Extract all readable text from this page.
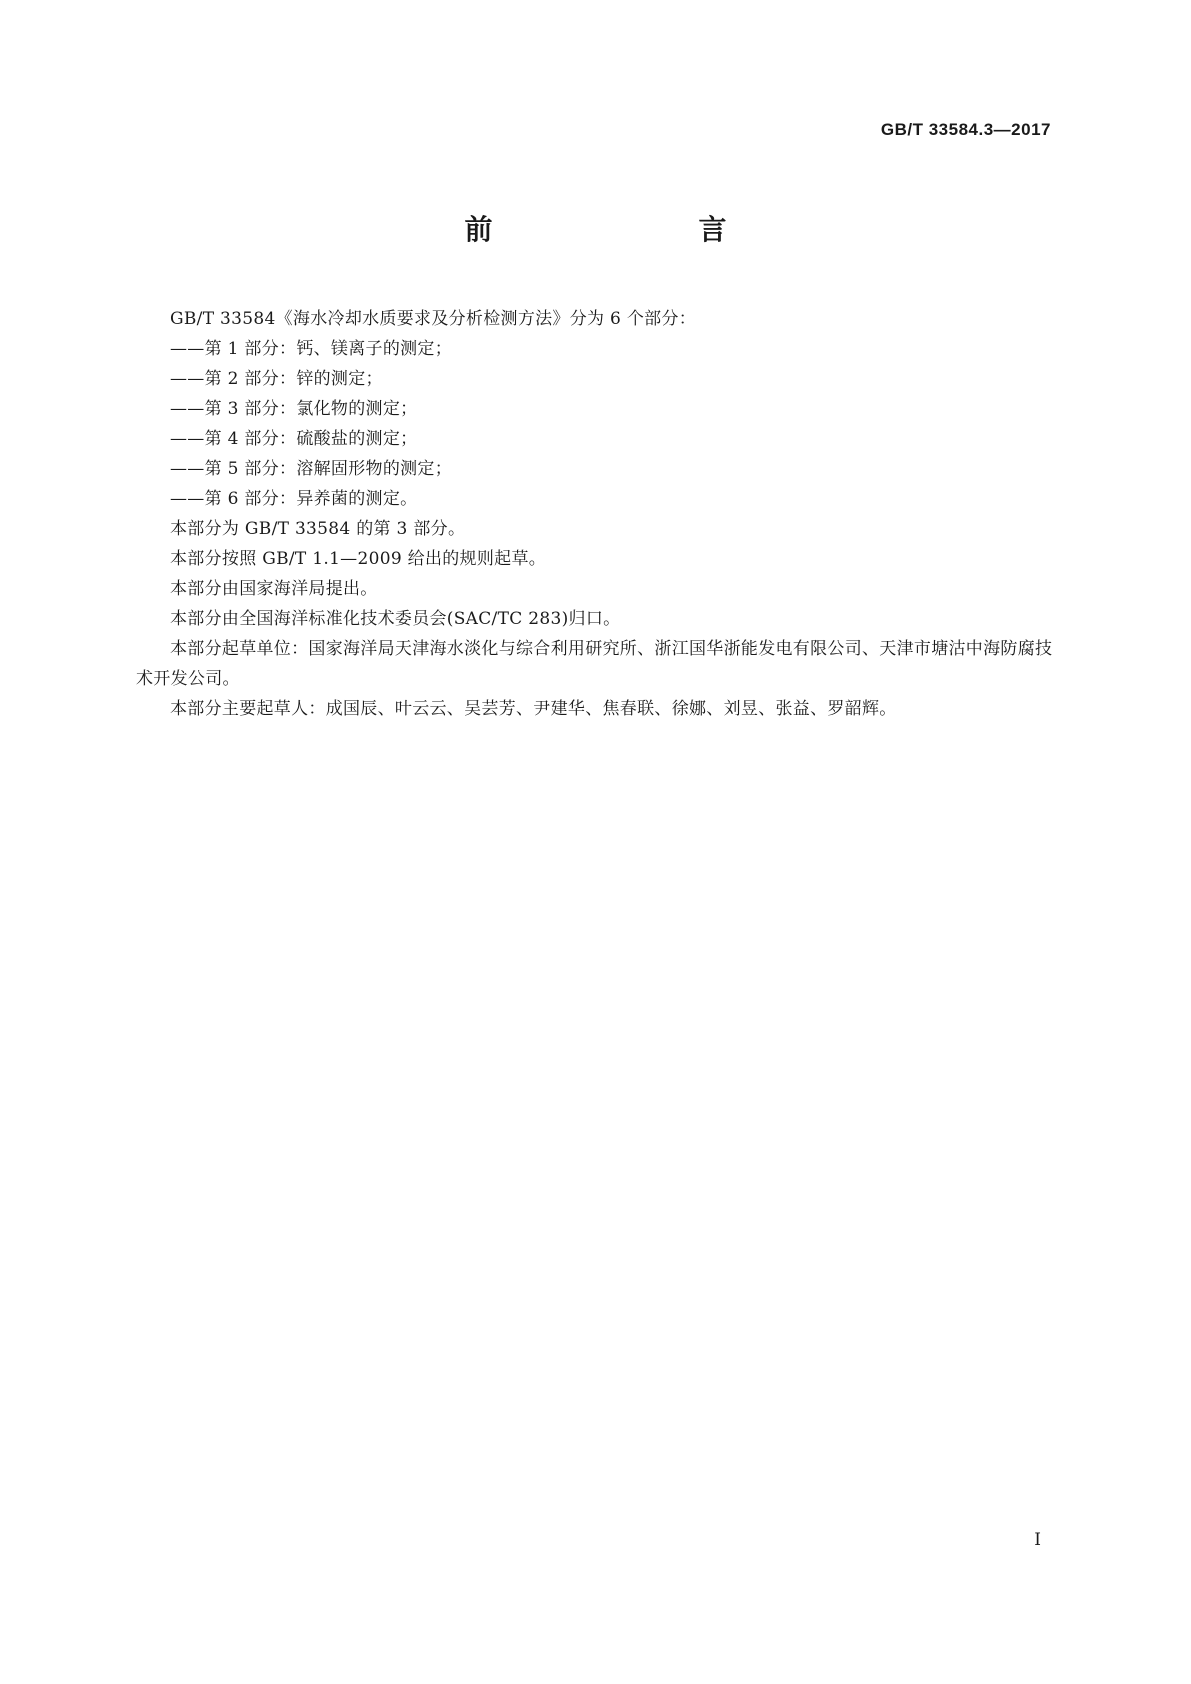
GB/T 33584.3—2017
前　　言

GB/T 33584《海水冷却水质要求及分析检测方法》分为 6 个部分：

——第 1 部分：钙、镁离子的测定；

——第 2 部分：锌的测定；

——第 3 部分：氯化物的测定；

——第 4 部分：硫酸盐的测定；

——第 5 部分：溶解固形物的测定；

——第 6 部分：异养菌的测定。

本部分为 GB/T 33584 的第 3 部分。

本部分按照 GB/T 1.1—2009 给出的规则起草。

本部分由国家海洋局提出。

本部分由全国海洋标准化技术委员会(SAC/TC 283)归口。

本部分起草单位：国家海洋局天津海水淡化与综合利用研究所、浙江国华浙能发电有限公司、天津市塘沽中海防腐技术开发公司。

本部分主要起草人：成国辰、叶云云、吴芸芳、尹建华、焦春联、徐娜、刘昱、张益、罗韶辉。

I
